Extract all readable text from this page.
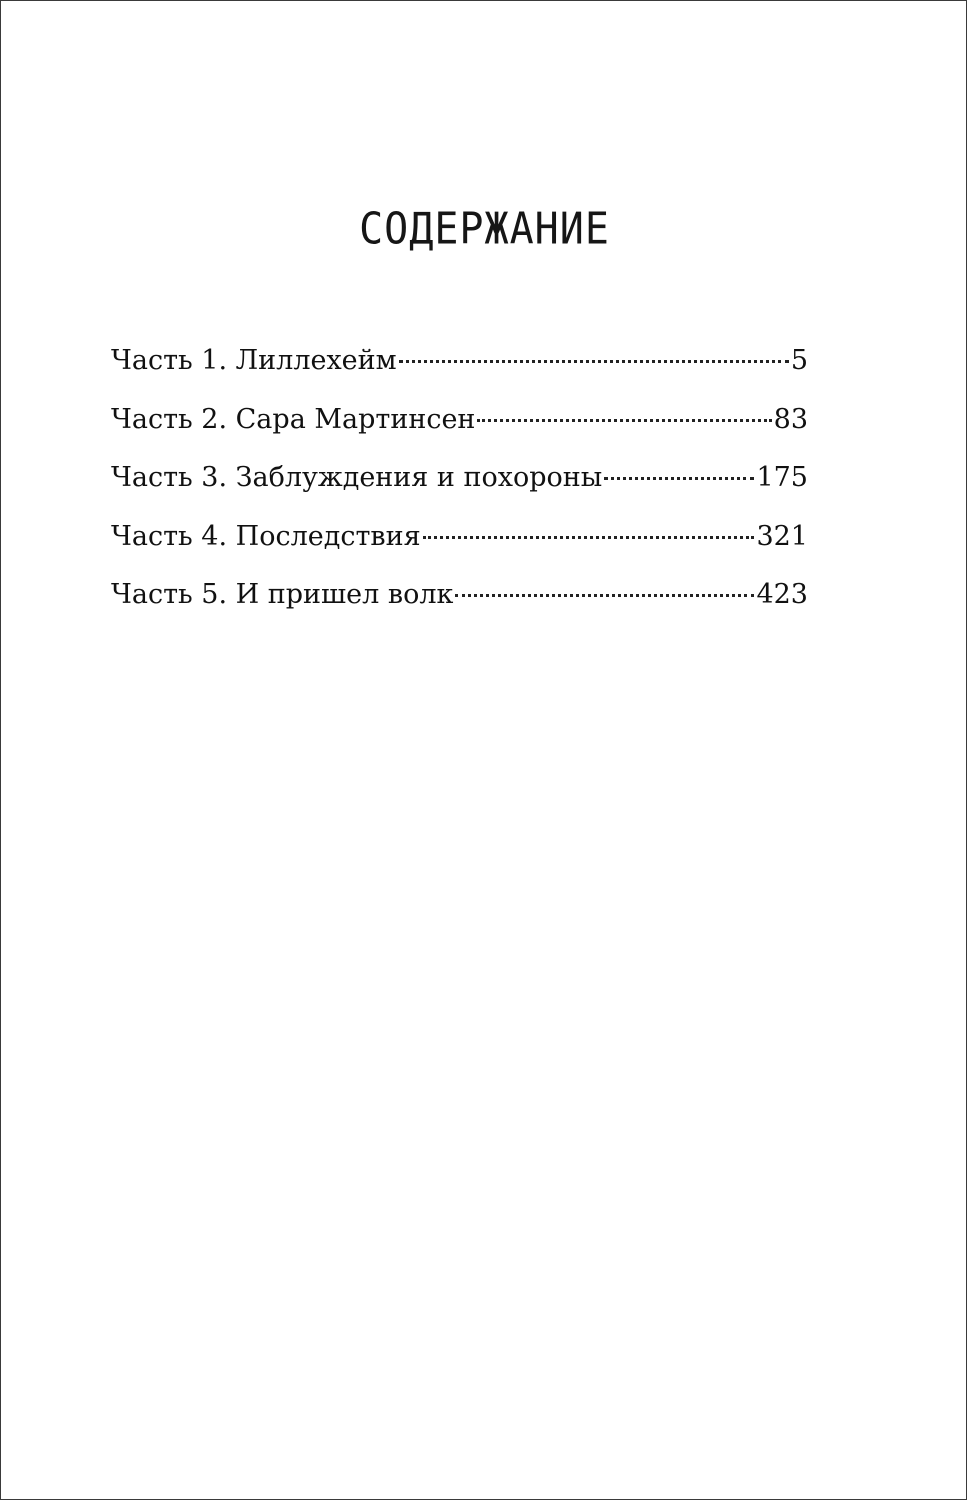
СОДЕРЖАНИЕ
Часть 1. Лиллехейм	5
Часть 2. Сара Мартинсен	83
Часть 3. Заблуждения и похороны	175
Часть 4. Последствия	321
Часть 5. И пришел волк	423
